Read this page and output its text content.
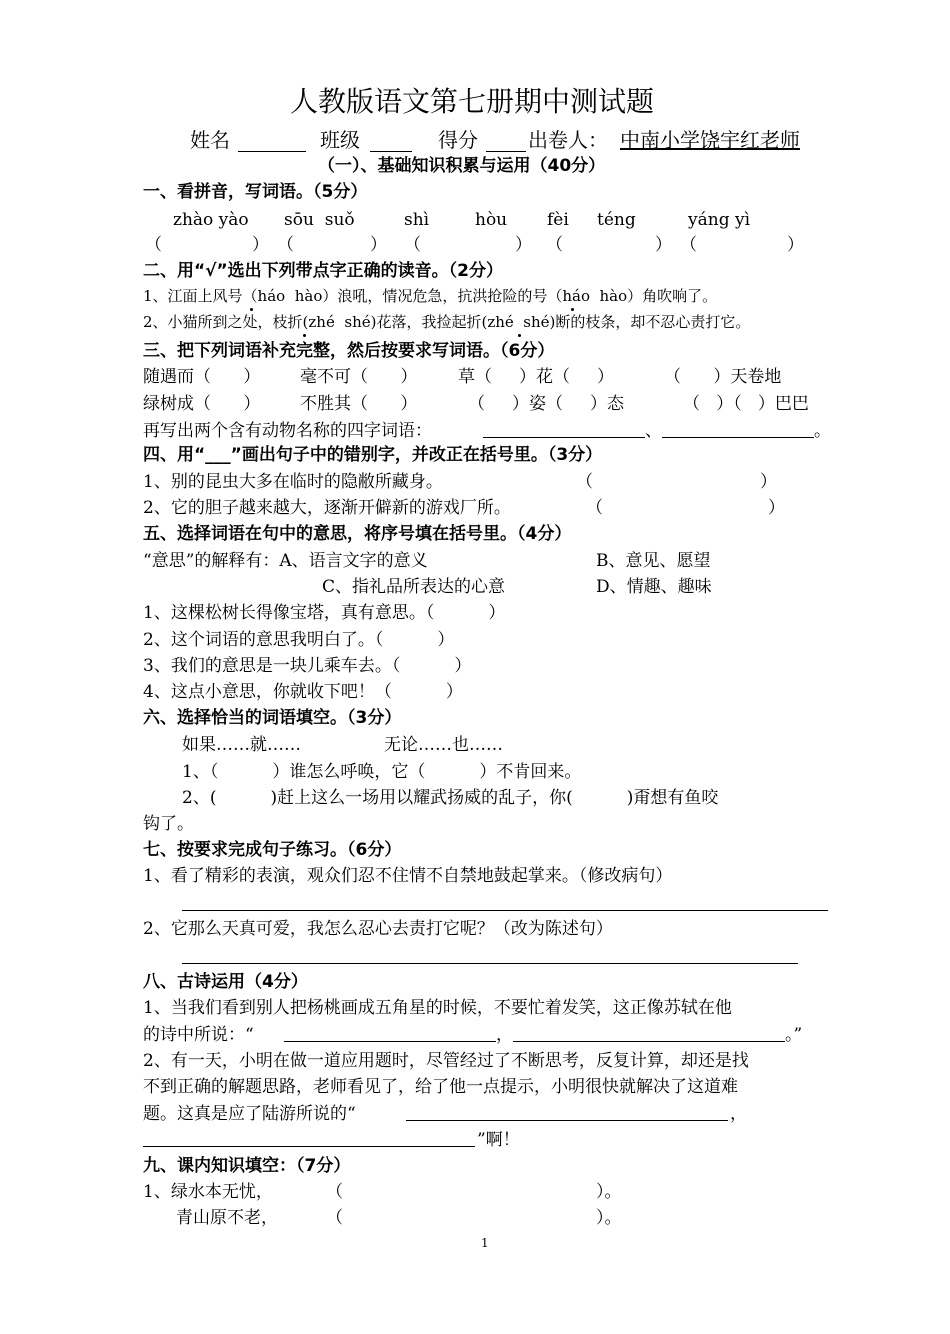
人教版语文第七册期中测试题
姓名	班级	得分	出卷人： 中南小学饶宇红老师
（一）、基础知识积累与运用（40分）
一、看拼音，写词语。（5分）
zhào yào sōu  suǒ	shì	hòu fèi téng	yáng yì
（	） （	） （	） （	） （	）
二、用“√”选出下列带点字正确的读音。（2分）
1、江面上风号（háo  hào）浪吼，情况危急，抗洪抢险的号（háo  hào）角吹响了。
2、小猫所到之处，枝折(zhé  shé)花落，我捡起折(zhé  shé)断的枝条，却不忍心责打它。
三、把下列词语补充完整，然后按要求写词语。（6分）
随遇而（      ） 毫不可（      ） 草（     ）花（     ）	（      ）天卷地
绿树成（      ） 不胜其（      ）	（     ）姿（     ）态	（   ）（   ）巴巴
再写出两个含有动物名称的四字词语：	、	。
四、用“___”画出句子中的错别字，并改正在括号里。（3分）
1、别的昆虫大多在临时的隐敝所藏身。	（	）
2、它的胆子越来越大，逐渐开僻新的游戏厂所。	（	）
五、选择词语在句中的意思，将序号填在括号里。（4分）
“意思”的解释有：A、语言文字的意义	B、意见、愿望
C、指礼品所表达的心意	D、情趣、趣味
1、这棵松树长得像宝塔，真有意思。（          ）
2、这个词语的意思我明白了。（          ）
3、我们的意思是一块儿乘车去。（          ）
4、这点小意思，你就收下吧！（          ）
六、选择恰当的词语填空。（3分）
如果……就……	无论……也……
1、（          ）谁怎么呼唤，它（          ）不肯回来。
2、(          )赶上这么一场用以耀武扬威的乱子，你(          )甭想有鱼咬
钩了。
七、按要求完成句子练习。（6分）
1、看了精彩的表演，观众们忍不住情不自禁地鼓起掌来。（修改病句）
2、它那么天真可爱，我怎么忍心去责打它呢？（改为陈述句）
八、古诗运用（4分）
1、当我们看到别人把杨桃画成五角星的时候，不要忙着发笑，这正像苏轼在他
的诗中所说：“	，	。”
2、有一天，小明在做一道应用题时，尽管经过了不断思考，反复计算，却还是找
不到正确的解题思路，老师看见了，给了他一点提示，小明很快就解决了这道难
题。这真是应了陆游所说的“	，
”啊！
九、课内知识填空：（7分）
1、绿水本无忧，	（	）。
青山原不老，	（	）。
1
